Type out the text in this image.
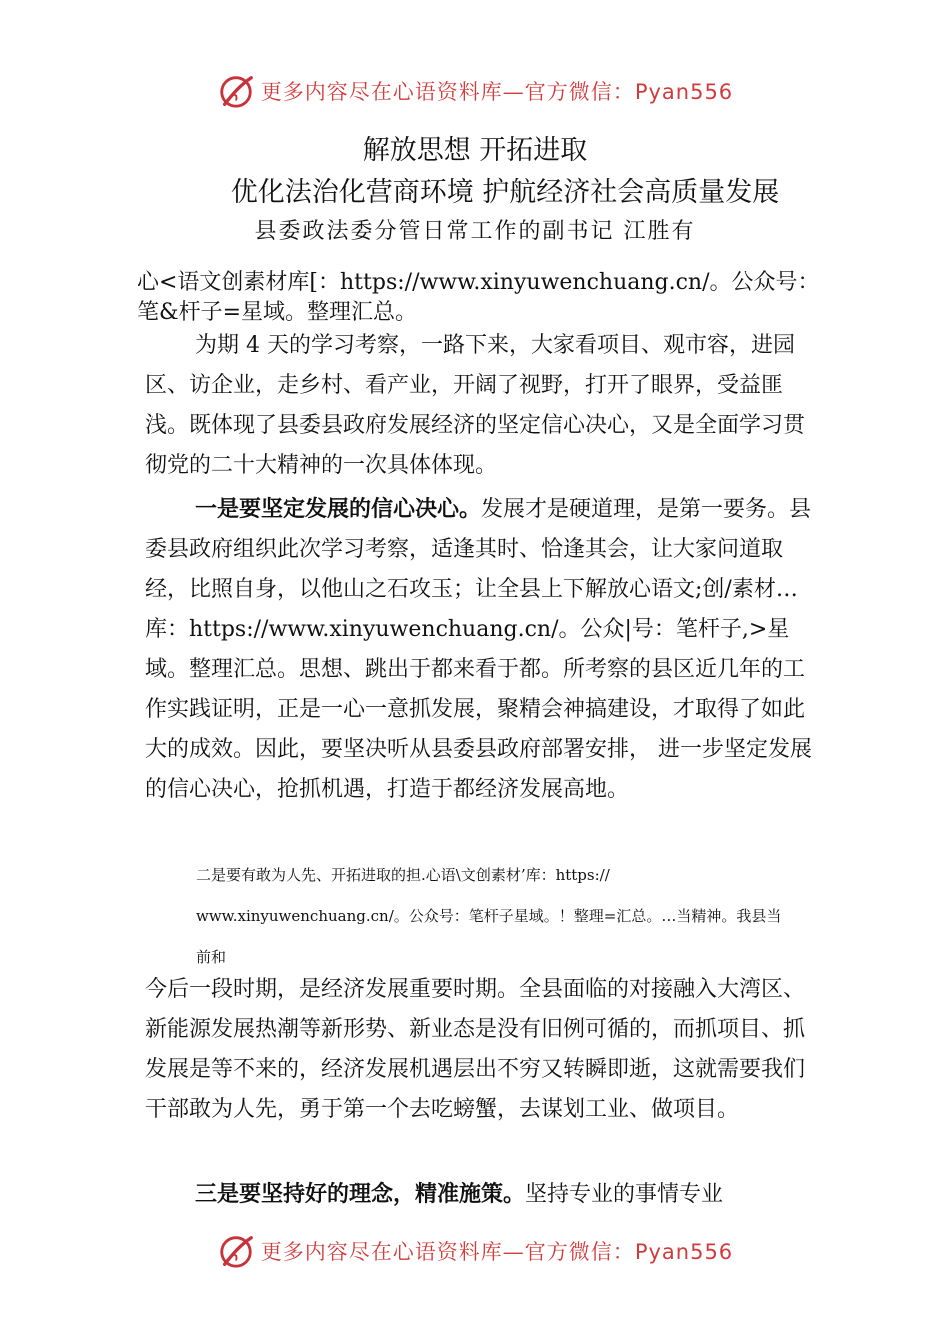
更多内容尽在心语资料库—官方微信：Pyan556
解放思想 开拓进取
优化法治化营商环境 护航经济社会高质量发展
县委政法委分管日常工作的副书记 江胜有
心<语文创素材库[：https://www.xinyuwenchuang.cn/。公众号：笔&杆子=星域。整理汇总。
为期 4 天的学习考察，一路下来，大家看项目、观市容，进园区、访企业，走乡村、看产业，开阔了视野，打开了眼界，受益匪浅。既体现了县委县政府发展经济的坚定信心决心，又是全面学习贯彻党的二十大精神的一次具体体现。
一是要坚定发展的信心决心。发展才是硬道理，是第一要务。县委县政府组织此次学习考察，适逢其时、恰逢其会，让大家问道取经，比照自身，以他山之石攻玉；让全县上下解放心语文;创/素材…库：https://www.xinyuwenchuang.cn/。公众|号：笔杆子,>星域。整理汇总。思想、跳出于都来看于都。所考察的县区近几年的工作实践证明，正是一心一意抓发展，聚精会神搞建设，才取得了如此大的成效。因此，要坚决听从县委县政府部署安排， 进一步坚定发展的信心决心，抢抓机遇，打造于都经济发展高地。
二是要有敢为人先、开拓进取的担.心语\文创素材’库：https://
www.xinyuwenchuang.cn/。公众号：笔杆子星域。！整理=汇总。…当精神。我县当
前和
今后一段时期，是经济发展重要时期。全县面临的对接融入大湾区、新能源发展热潮等新形势、新业态是没有旧例可循的，而抓项目、抓发展是等不来的，经济发展机遇层出不穷又转瞬即逝，这就需要我们干部敢为人先，勇于第一个去吃螃蟹，去谋划工业、做项目。
三是要坚持好的理念，精准施策。坚持专业的事情专业
更多内容尽在心语资料库—官方微信：Pyan556
